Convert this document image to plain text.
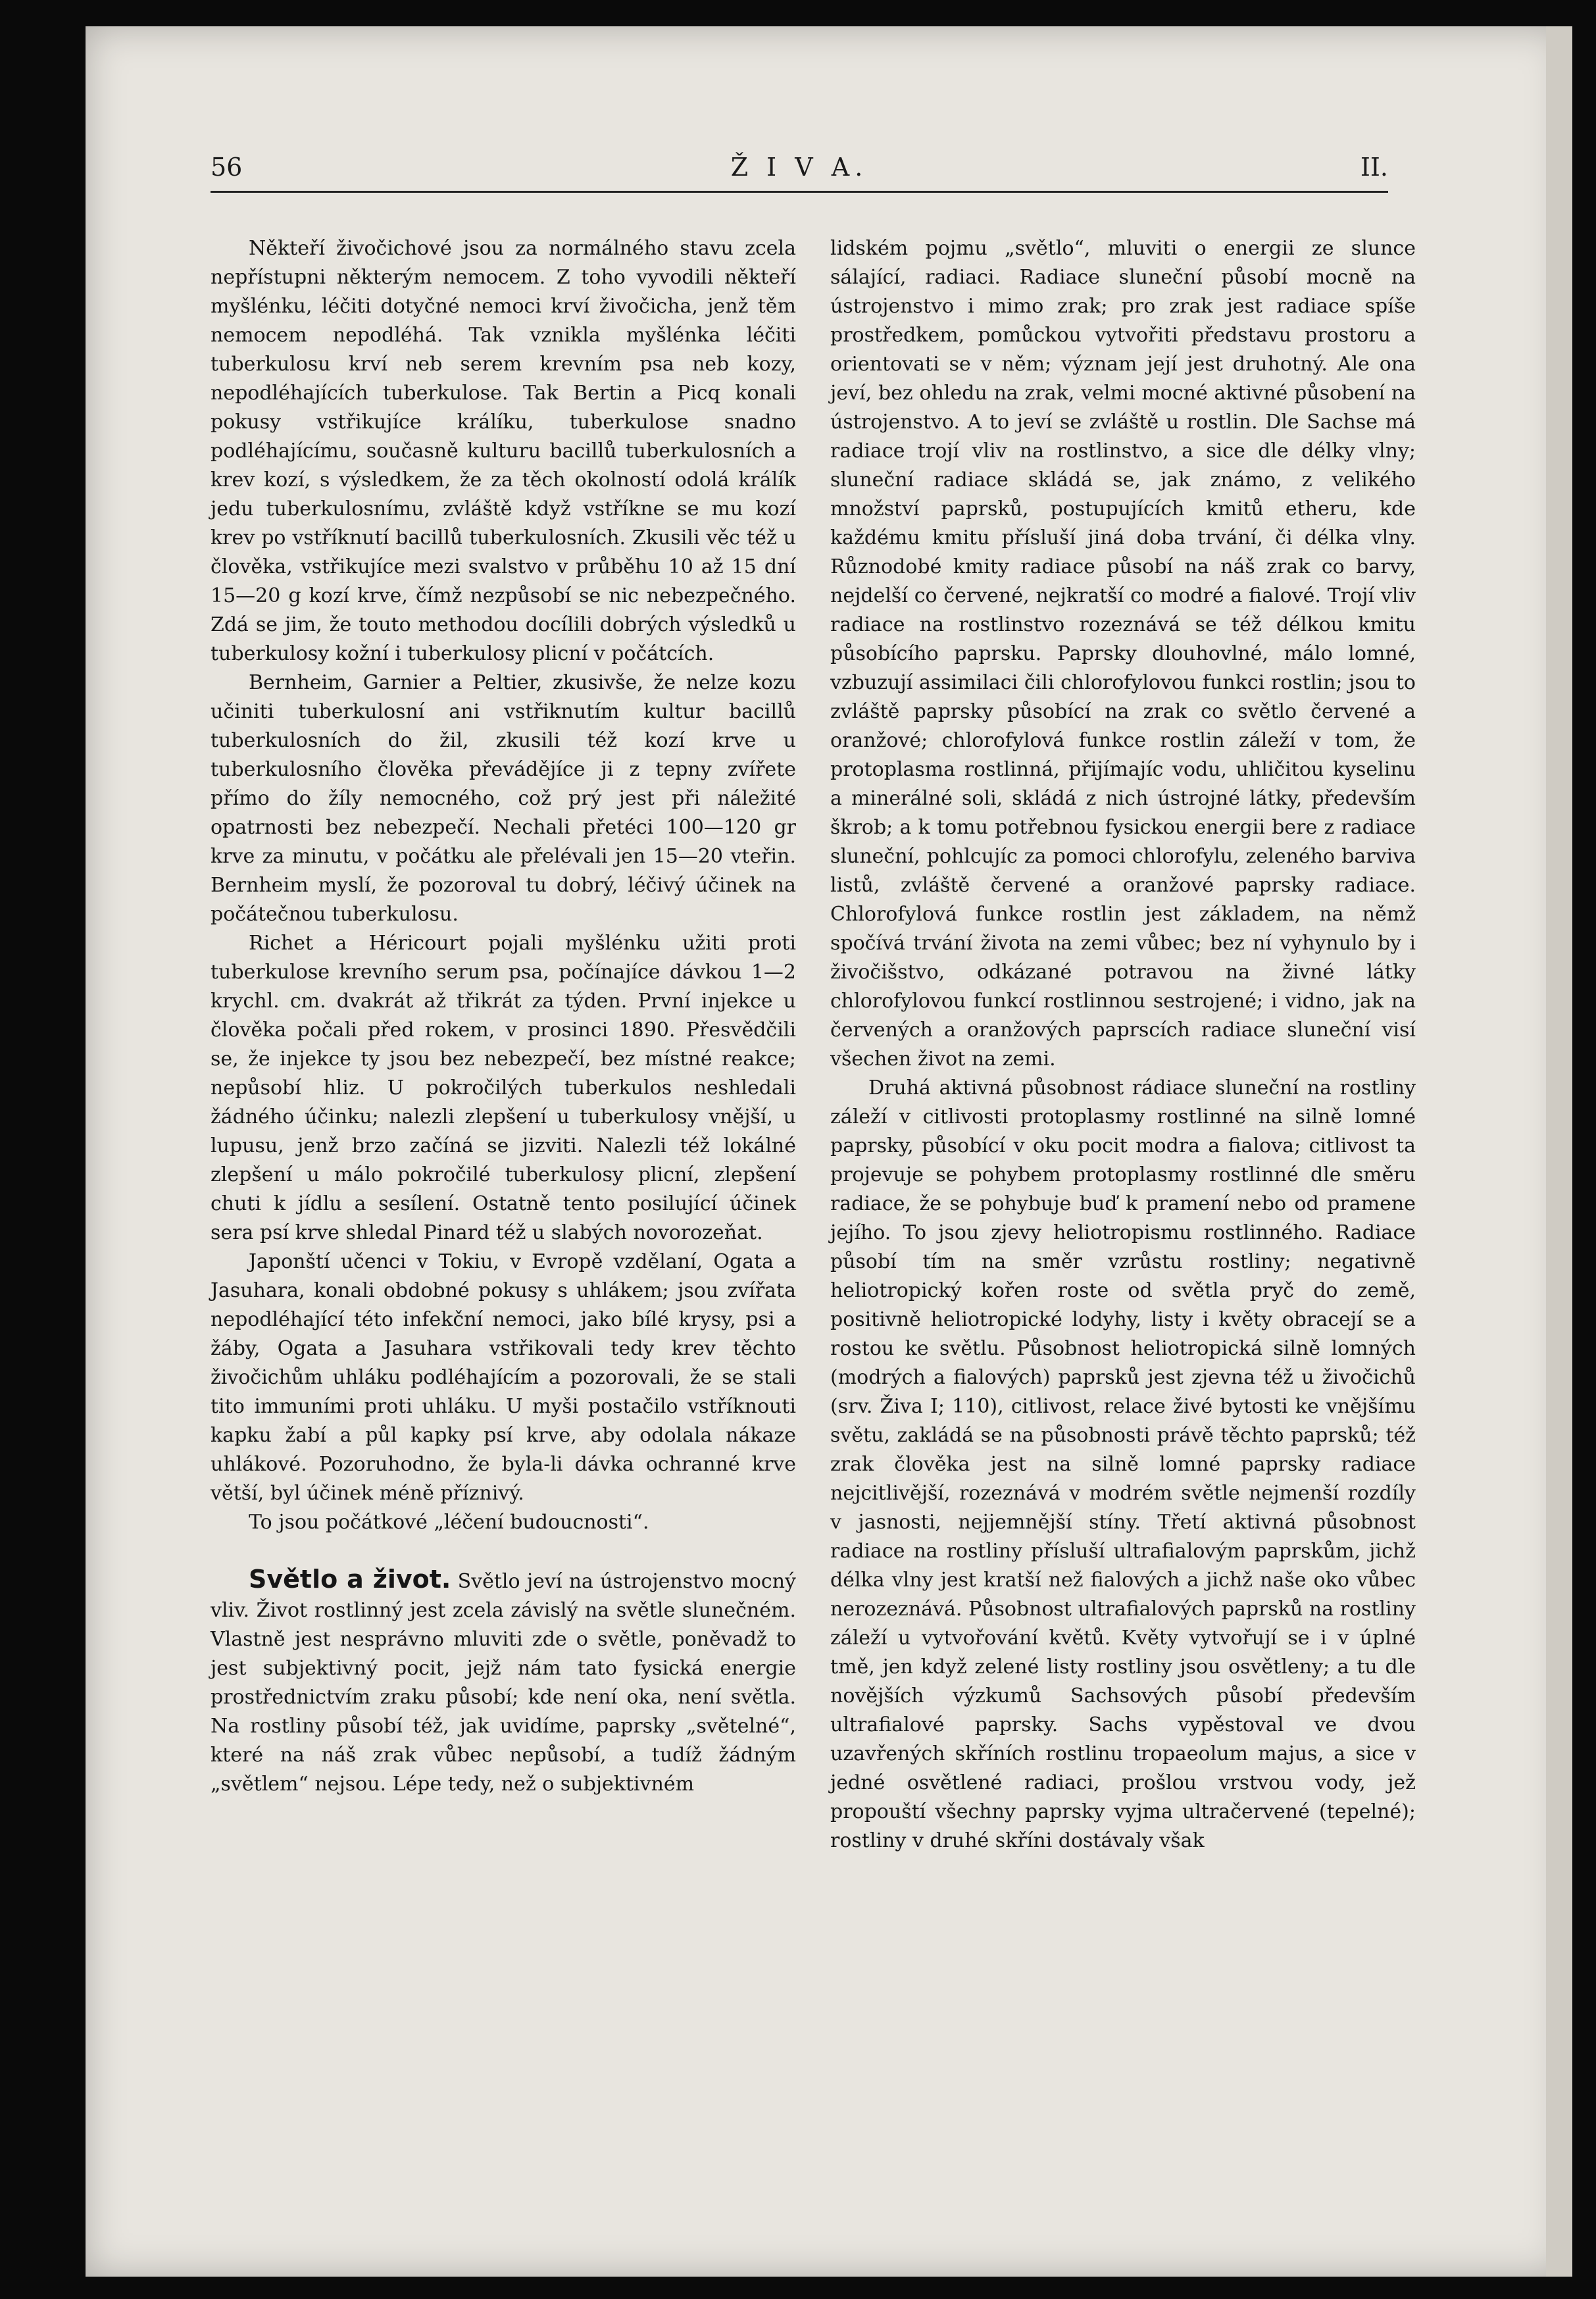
56	Ž I V A.	II.

Někteří živočichové jsou za normálného stavu zcela nepřístupni některým nemocem. Z toho vyvodili někteří myšlénku, léčiti dotyčné nemoci krví živočicha, jenž těm nemocem nepodléhá. Tak vznikla myšlénka léčiti tuberkulosu krví neb serem krevním psa neb kozy, nepodléhajících tuberkulose. Tak Bertin a Picq konali pokusy vstřikujíce králíku, tuberkulose snadno podléhajícímu, současně kulturu bacillů tuberkulosních a krev kozí, s výsledkem, že za těch okolností odolá králík jedu tuberkulosnímu, zvláště když vstříkne se mu kozí krev po vstříknutí bacillů tuberkulosních. Zkusili věc též u člověka, vstřikujíce mezi svalstvo v průběhu 10 až 15 dní 15—20 g kozí krve, čímž nezpůsobí se nic nebezpečného. Zdá se jim, že touto methodou docílili dobrých výsledků u tuberkulosy kožní i tuberkulosy plicní v počátcích.

Bernheim, Garnier a Peltier, zkusivše, že nelze kozu učiniti tuberkulosní ani vstřiknutím kultur bacillů tuberkulosních do žil, zkusili též kozí krve u tuberkulosního člověka převádějíce ji z tepny zvířete přímo do žíly nemocného, což prý jest při náležité opatrnosti bez nebezpečí. Nechali přetéci 100—120 gr krve za minutu, v počátku ale přelévali jen 15—20 vteřin. Bernheim myslí, že pozoroval tu dobrý, léčivý účinek na počátečnou tuberkulosu.

Richet a Héricourt pojali myšlénku užiti proti tuberkulose krevního serum psa, počínajíce dávkou 1—2 krychl. cm. dvakrát až třikrát za týden. První injekce u člověka počali před rokem, v prosinci 1890. Přesvědčili se, že injekce ty jsou bez nebezpečí, bez místné reakce; nepůsobí hliz. U pokročilých tuberkulos neshledali žádného účinku; nalezli zlepšení u tuberkulosy vnější, u lupusu, jenž brzo začíná se jizviti. Nalezli též lokálné zlepšení u málo pokročilé tuberkulosy plicní, zlepšení chuti k jídlu a sesílení. Ostatně tento posilující účinek sera psí krve shledal Pinard též u slabých novorozeňat.

Japonští učenci v Tokiu, v Evropě vzdělaní, Ogata a Jasuhara, konali obdobné pokusy s uhlákem; jsou zvířata nepodléhající této infekční nemoci, jako bílé krysy, psi a žáby, Ogata a Jasuhara vstřikovali tedy krev těchto živočichům uhláku podléhajícím a pozorovali, že se stali tito immuními proti uhláku. U myši postačilo vstříknouti kapku žabí a půl kapky psí krve, aby odolala nákaze uhlákové. Pozoruhodno, že byla-li dávka ochranné krve větší, byl účinek méně příznivý.

To jsou počátkové „léčení budoucnosti“.

Světlo a život. Světlo jeví na ústrojenstvo mocný vliv. Život rostlinný jest zcela závislý na světle slunečném. Vlastně jest nesprávno mluviti zde o světle, poněvadž to jest subjektivný pocit, jejž nám tato fysická energie prostřednictvím zraku působí; kde není oka, není světla. Na rostliny působí též, jak uvidíme, paprsky „světelné“, které na náš zrak vůbec nepůsobí, a tudíž žádným „světlem“ nejsou. Lépe tedy, než o subjektivném

lidském pojmu „světlo“, mluviti o energii ze slunce sálající, radiaci. Radiace sluneční působí mocně na ústrojenstvo i mimo zrak; pro zrak jest radiace spíše prostředkem, pomůckou vytvořiti představu prostoru a orientovati se v něm; význam její jest druhotný. Ale ona jeví, bez ohledu na zrak, velmi mocné aktivné působení na ústrojenstvo. A to jeví se zvláště u rostlin. Dle Sachse má radiace trojí vliv na rostlinstvo, a sice dle délky vlny; sluneční radiace skládá se, jak známo, z velikého množství paprsků, postupujících kmitů etheru, kde každému kmitu přísluší jiná doba trvání, či délka vlny. Různodobé kmity radiace působí na náš zrak co barvy, nejdelší co červené, nejkratší co modré a fialové. Trojí vliv radiace na rostlinstvo rozeznává se též délkou kmitu působícího paprsku. Paprsky dlouhovlné, málo lomné, vzbuzují assimilaci čili chlorofylovou funkci rostlin; jsou to zvláště paprsky působící na zrak co světlo červené a oranžové; chlorofylová funkce rostlin záleží v tom, že protoplasma rostlinná, přijímajíc vodu, uhličitou kyselinu a minerálné soli, skládá z nich ústrojné látky, především škrob; a k tomu potřebnou fysickou energii bere z radiace sluneční, pohlcujíc za pomoci chlorofylu, zeleného barviva listů, zvláště červené a oranžové paprsky radiace. Chlorofylová funkce rostlin jest základem, na němž spočívá trvání života na zemi vůbec; bez ní vyhynulo by i živočišstvo, odkázané potravou na živné látky chlorofylovou funkcí rostlinnou sestrojené; i vidno, jak na červených a oranžových paprscích radiace sluneční visí všechen život na zemi.

Druhá aktivná působnost rádiace sluneční na rostliny záleží v citlivosti protoplasmy rostlinné na silně lomné paprsky, působící v oku pocit modra a fialova; citlivost ta projevuje se pohybem protoplasmy rostlinné dle směru radiace, že se pohybuje buď k pramení nebo od pramene jejího. To jsou zjevy heliotropismu rostlinného. Radiace působí tím na směr vzrůstu rostliny; negativně heliotropický kořen roste od světla pryč do země, positivně heliotropické lodyhy, listy i květy obracejí se a rostou ke světlu. Působnost heliotropická silně lomných (modrých a fialových) paprsků jest zjevna též u živočichů (srv. Živa I; 110), citlivost, relace živé bytosti ke vnějšímu světu, zakládá se na působnosti právě těchto paprsků; též zrak člověka jest na silně lomné paprsky radiace nejcitlivější, rozeznává v modrém světle nejmenší rozdíly v jasnosti, nejjemnější stíny. Třetí aktivná působnost radiace na rostliny přísluší ultrafialovým paprskům, jichž délka vlny jest kratší než fialových a jichž naše oko vůbec nerozeznává. Působnost ultrafialových paprsků na rostliny záleží u vytvořování květů. Květy vytvořují se i v úplné tmě, jen když zelené listy rostliny jsou osvětleny; a tu dle novějších výzkumů Sachsových působí především ultrafialové paprsky. Sachs vypěstoval ve dvou uzavřených skříních rostlinu tropaeolum majus, a sice v jedné osvětlené radiaci, prošlou vrstvou vody, jež propouští všechny paprsky vyjma ultračervené (tepelné); rostliny v druhé skříni dostávaly však
